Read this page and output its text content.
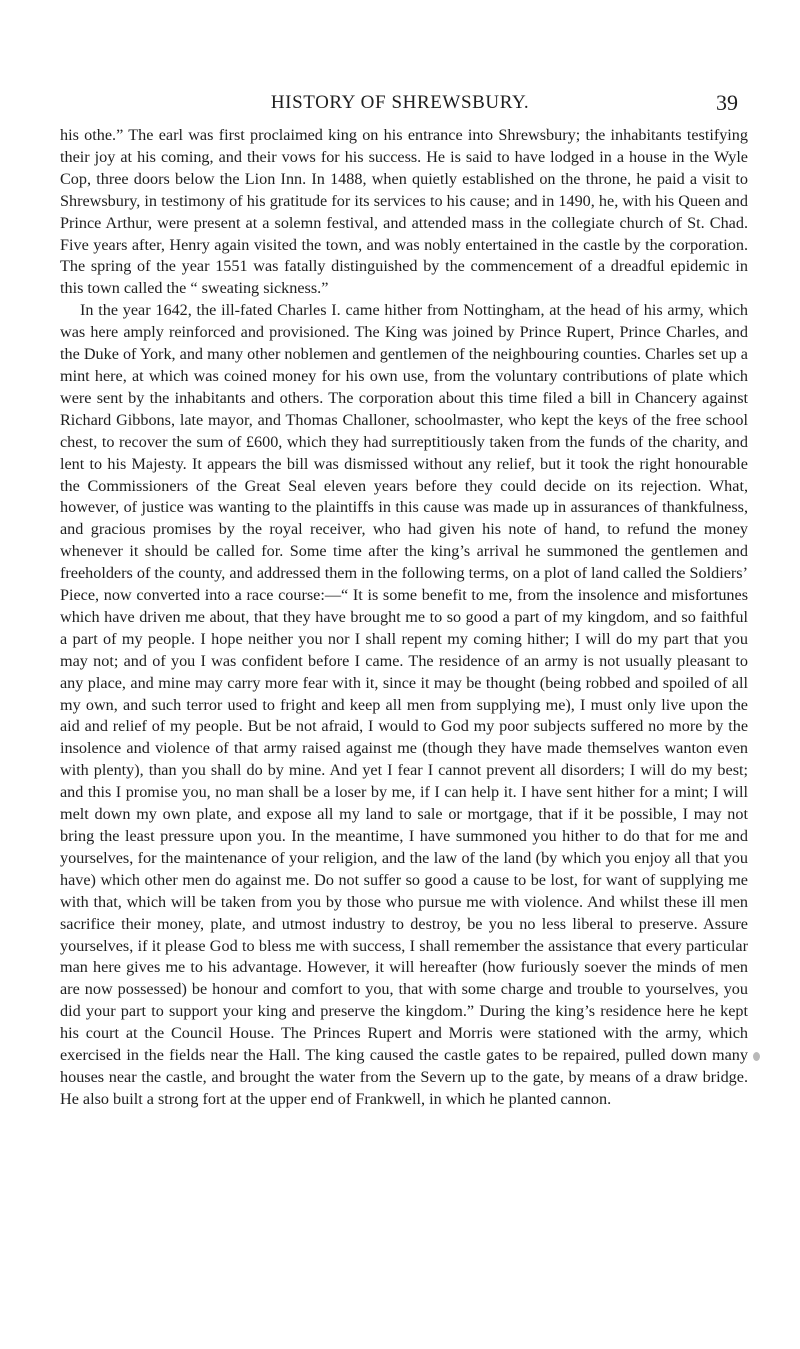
HISTORY OF SHREWSBURY.	39

his othe.” The earl was first proclaimed king on his entrance into Shrewsbury; the inhabitants testifying their joy at his coming, and their vows for his success. He is said to have lodged in a house in the Wyle Cop, three doors below the Lion Inn. In 1488, when quietly established on the throne, he paid a visit to Shrewsbury, in testimony of his gratitude for its services to his cause; and in 1490, he, with his Queen and Prince Arthur, were present at a solemn festival, and attended mass in the collegiate church of St. Chad. Five years after, Henry again visited the town, and was nobly entertained in the castle by the corporation. The spring of the year 1551 was fatally distinguished by the commencement of a dreadful epidemic in this town called the “ sweating sickness.”

In the year 1642, the ill-fated Charles I. came hither from Nottingham, at the head of his army, which was here amply reinforced and provisioned. The King was joined by Prince Rupert, Prince Charles, and the Duke of York, and many other noblemen and gentlemen of the neighbouring counties. Charles set up a mint here, at which was coined money for his own use, from the voluntary contributions of plate which were sent by the inhabitants and others. The corporation about this time filed a bill in Chancery against Richard Gibbons, late mayor, and Thomas Challoner, schoolmaster, who kept the keys of the free school chest, to recover the sum of £600, which they had surreptitiously taken from the funds of the charity, and lent to his Majesty. It appears the bill was dismissed without any relief, but it took the right honourable the Commissioners of the Great Seal eleven years before they could decide on its rejection. What, however, of justice was wanting to the plaintiffs in this cause was made up in assurances of thankfulness, and gracious promises by the royal receiver, who had given his note of hand, to refund the money whenever it should be called for. Some time after the king’s arrival he summoned the gentlemen and freeholders of the county, and addressed them in the following terms, on a plot of land called the Soldiers’ Piece, now converted into a race course:—“ It is some benefit to me, from the insolence and misfortunes which have driven me about, that they have brought me to so good a part of my kingdom, and so faithful a part of my people. I hope neither you nor I shall repent my coming hither; I will do my part that you may not; and of you I was confident before I came. The residence of an army is not usually pleasant to any place, and mine may carry more fear with it, since it may be thought (being robbed and spoiled of all my own, and such terror used to fright and keep all men from supplying me), I must only live upon the aid and relief of my people. But be not afraid, I would to God my poor subjects suffered no more by the insolence and violence of that army raised against me (though they have made themselves wanton even with plenty), than you shall do by mine. And yet I fear I cannot prevent all disorders; I will do my best; and this I promise you, no man shall be a loser by me, if I can help it. I have sent hither for a mint; I will melt down my own plate, and expose all my land to sale or mortgage, that if it be possible, I may not bring the least pressure upon you. In the meantime, I have summoned you hither to do that for me and yourselves, for the maintenance of your religion, and the law of the land (by which you enjoy all that you have) which other men do against me. Do not suffer so good a cause to be lost, for want of supplying me with that, which will be taken from you by those who pursue me with violence. And whilst these ill men sacrifice their money, plate, and utmost industry to destroy, be you no less liberal to preserve. Assure yourselves, if it please God to bless me with success, I shall remember the assistance that every particular man here gives me to his advantage. However, it will hereafter (how furiously soever the minds of men are now possessed) be honour and comfort to you, that with some charge and trouble to yourselves, you did your part to support your king and preserve the kingdom.” During the king’s residence here he kept his court at the Council House. The Princes Rupert and Morris were stationed with the army, which exercised in the fields near the Hall. The king caused the castle gates to be repaired, pulled down many houses near the castle, and brought the water from the Severn up to the gate, by means of a draw bridge. He also built a strong fort at the upper end of Frankwell, in which he planted cannon.
